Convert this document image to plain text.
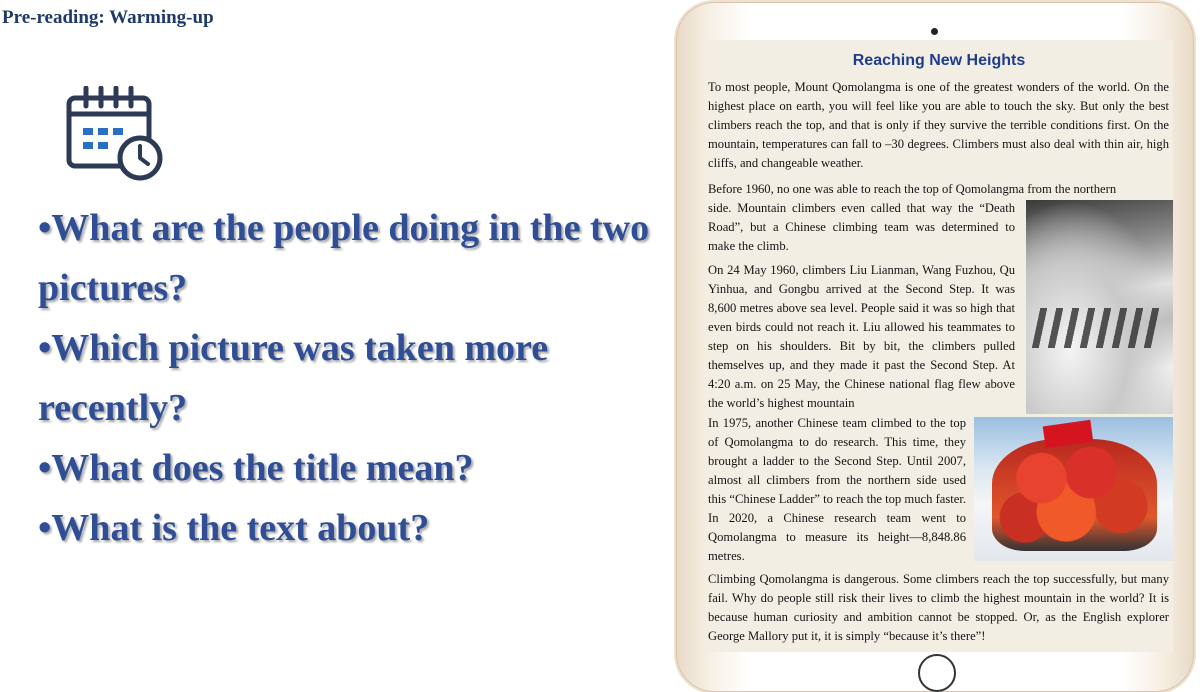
Pre-reading: Warming-up

•What are the people doing in the two pictures?

•Which picture was taken more recently?

•What does the title mean?

•What is the text about?

Reaching New Heights

To most people, Mount Qomolangma is one of the greatest wonders of the world. On the highest place on earth, you will feel like you are able to touch the sky. But only the best climbers reach the top, and that is only if they survive the terrible conditions first. On the mountain, temperatures can fall to –30 degrees. Climbers must also deal with thin air, high cliffs, and changeable weather.

Before 1960, no one was able to reach the top of Qomolangma from the northern
side. Mountain climbers even called that way the “Death Road”, but a Chinese climbing team was determined to make the climb.

On 24 May 1960, climbers Liu Lianman, Wang Fuzhou, Qu Yinhua, and Gongbu arrived at the Second Step. It was 8,600 metres above sea level. People said it was so high that even birds could not reach it. Liu allowed his teammates to step on his shoulders. Bit by bit, the climbers pulled themselves up, and they made it past the Second Step. At 4:20 a.m. on 25 May, the Chinese national flag flew above the world’s highest mountain

In 1975, another Chinese team climbed to the top of Qomolangma to do research. This time, they brought a ladder to the Second Step. Until 2007, almost all climbers from the northern side used this “Chinese Ladder” to reach the top much faster. In 2020, a Chinese research team went to Qomolangma to measure its height—8,848.86 metres.

Climbing Qomolangma is dangerous. Some climbers reach the top successfully, but many fail. Why do people still risk their lives to climb the highest mountain in the world? It is because human curiosity and ambition cannot be stopped. Or, as the English explorer George Mallory put it, it is simply “because it’s there”!
